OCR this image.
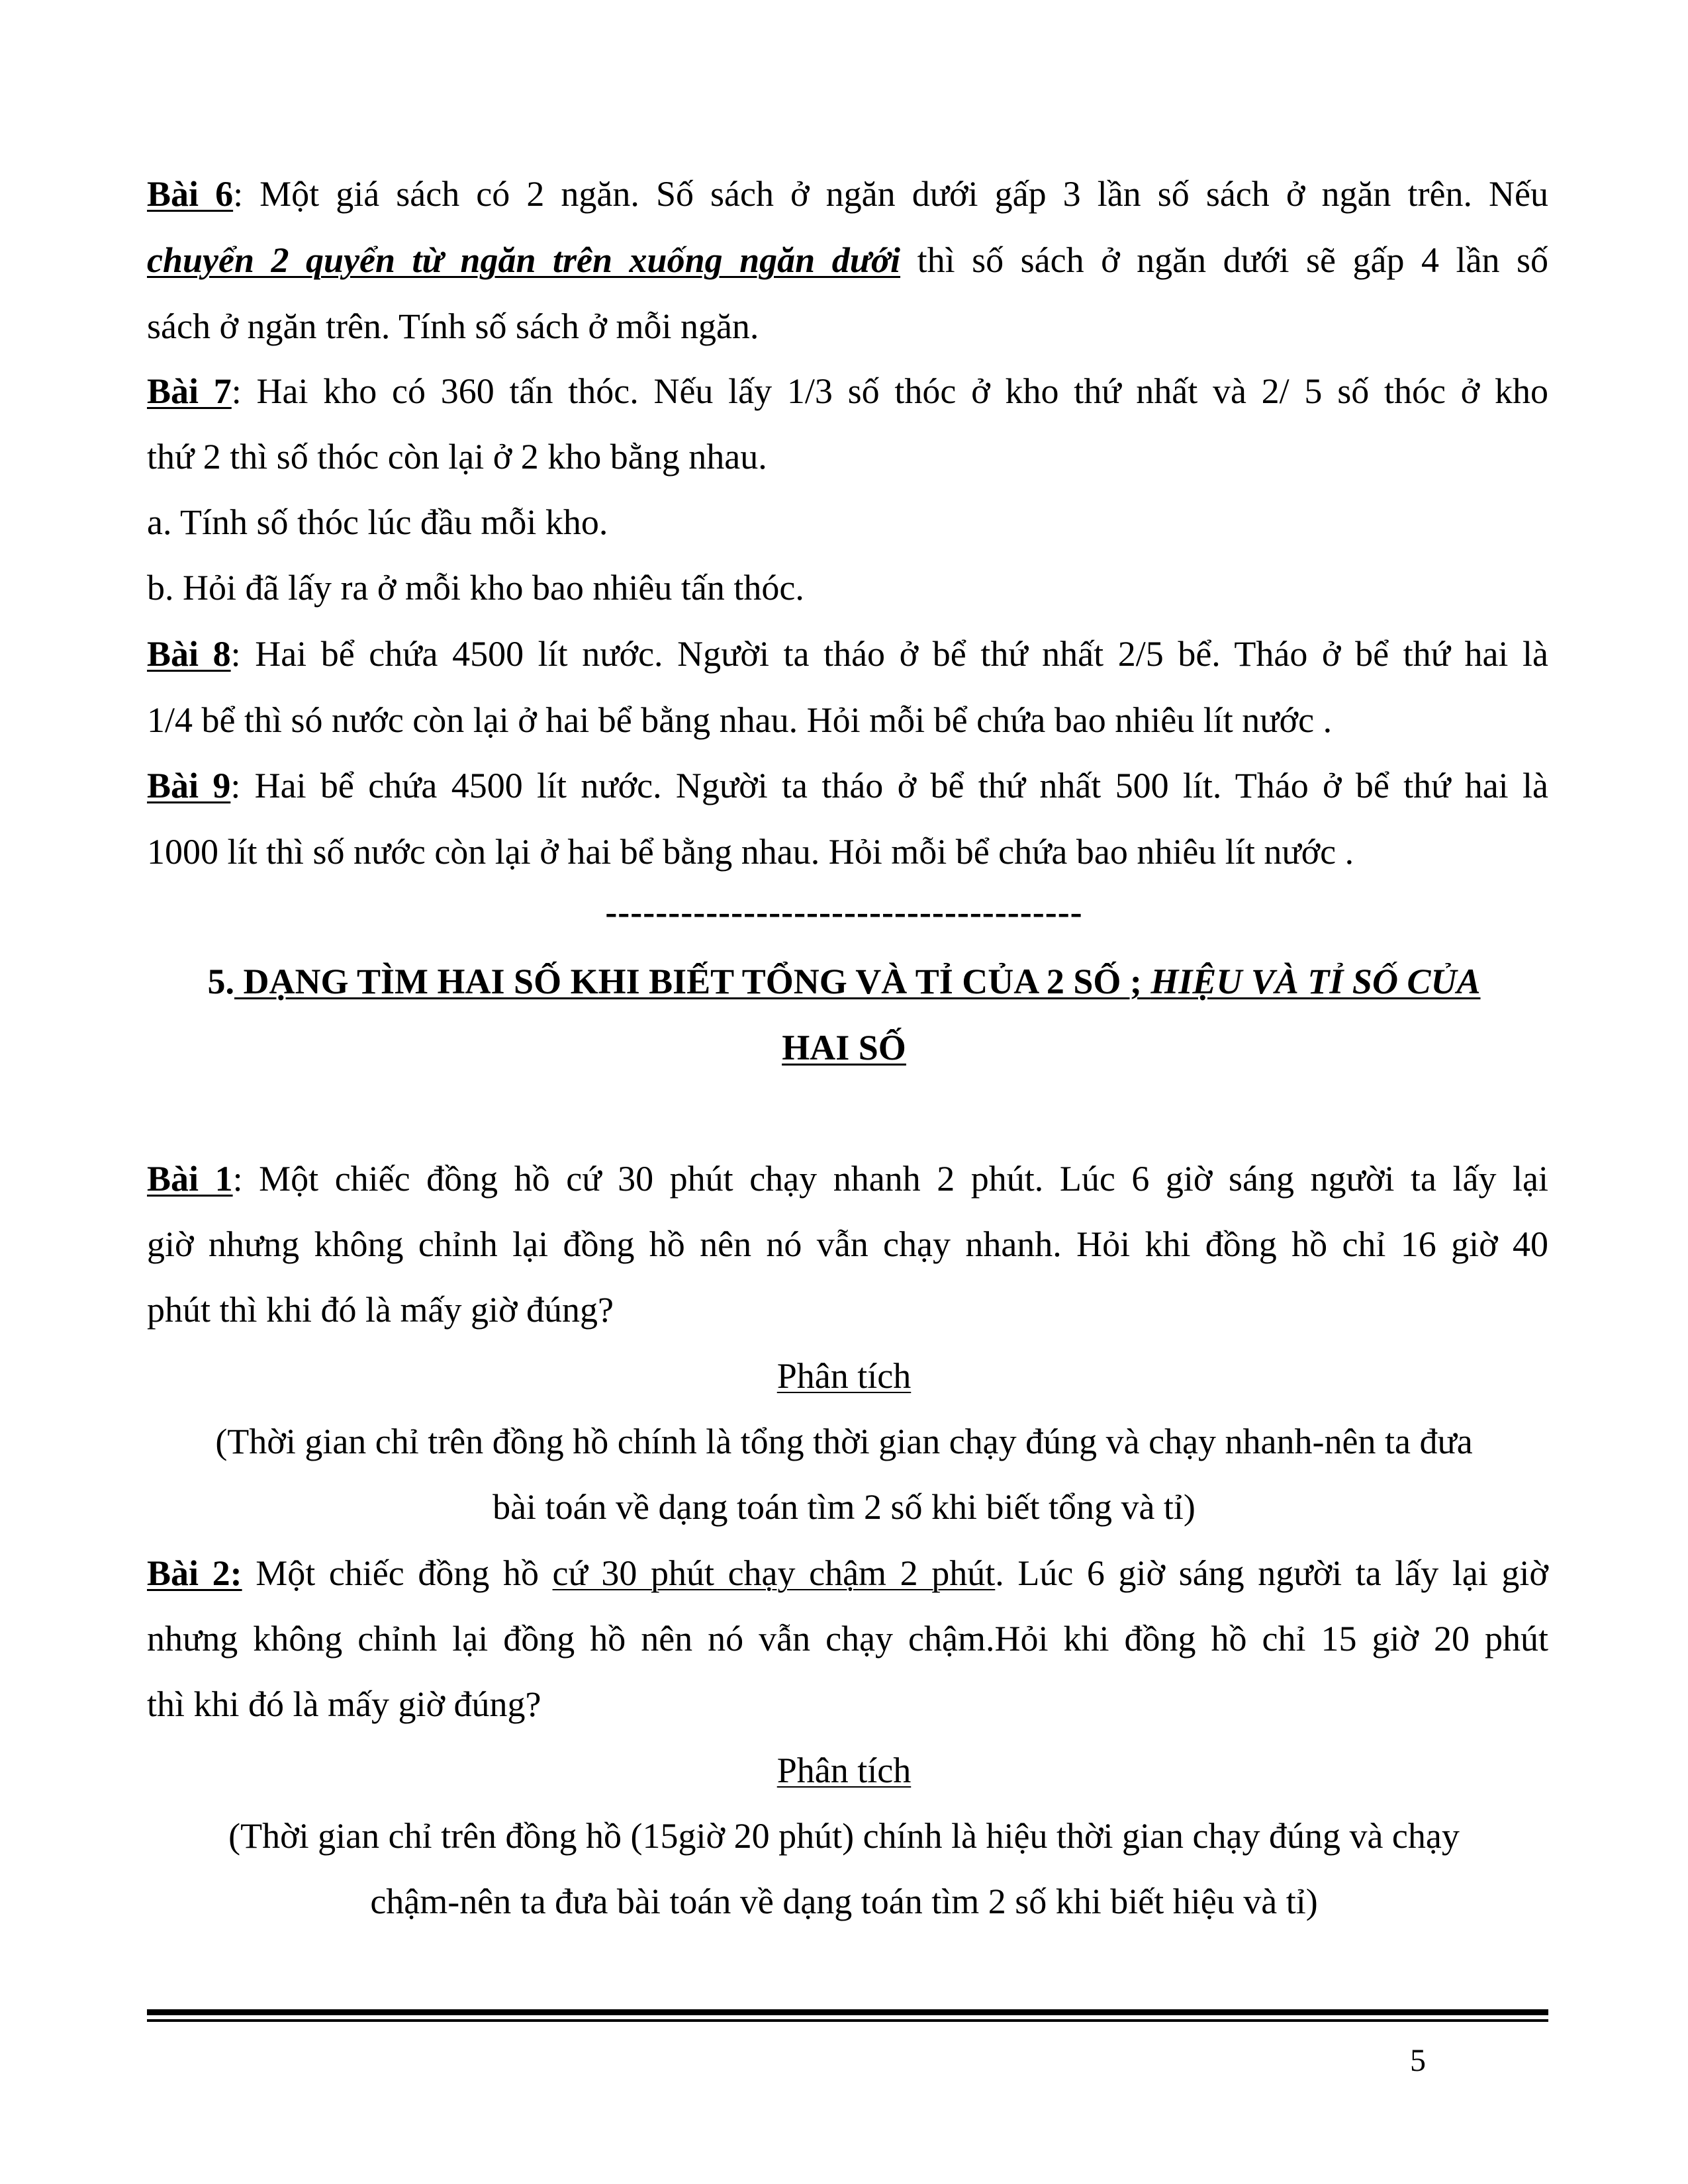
Bài 6: Một giá sách có 2 ngăn. Số sách ở ngăn dưới gấp 3 lần số sách ở ngăn trên. Nếu
chuyển 2 quyển từ ngăn trên xuống ngăn dưới thì số sách ở ngăn dưới sẽ gấp 4 lần số
sách ở ngăn trên. Tính số sách ở mỗi ngăn.
Bài 7: Hai kho có 360 tấn thóc. Nếu lấy 1/3 số thóc ở kho thứ nhất và 2/ 5 số thóc ở kho
thứ 2 thì số thóc còn lại ở 2 kho bằng nhau.
a. Tính số thóc lúc đầu mỗi kho.
b. Hỏi đã lấy ra ở mỗi kho bao nhiêu tấn thóc.
Bài 8: Hai bể chứa 4500 lít nước. Người ta tháo ở bể thứ nhất 2/5 bể. Tháo ở bể thứ hai là
1/4 bể thì só nước còn lại ở hai bể bằng nhau. Hỏi mỗi bể chứa bao nhiêu lít nước .
Bài 9: Hai bể chứa 4500 lít nước. Người ta tháo ở bể thứ nhất 500 lít. Tháo ở bể thứ hai là
1000 lít thì số nước còn lại ở hai bể bằng nhau. Hỏi mỗi bể chứa bao nhiêu lít nước .
--------------------------------------
5. DẠNG TÌM HAI SỐ KHI BIẾT TỔNG VÀ TỈ CỦA 2 SỐ ; HIỆU VÀ TỈ SỐ CỦA
HAI SỐ
Bài 1: Một chiếc đồng hồ cứ 30 phút chạy nhanh 2 phút. Lúc 6 giờ sáng người ta lấy lại
giờ nhưng không chỉnh lại đồng hồ nên nó vẫn chạy nhanh. Hỏi khi đồng hồ chỉ 16 giờ 40
phút thì khi đó là mấy giờ đúng?
Phân tích
(Thời gian chỉ trên đồng hồ chính là tổng thời gian chạy đúng và chạy nhanh-nên ta đưa
bài toán về dạng toán tìm 2 số khi biết tổng và tỉ)
Bài 2: Một chiếc đồng hồ cứ 30 phút chạy chậm 2 phút. Lúc 6 giờ sáng người ta lấy lại giờ
nhưng không chỉnh lại đồng hồ nên nó vẫn chạy chậm.Hỏi khi đồng hồ chỉ 15 giờ 20 phút
thì khi đó là mấy giờ đúng?
Phân tích
(Thời gian chỉ trên đồng hồ (15giờ 20 phút) chính là hiệu thời gian chạy đúng và chạy
chậm-nên ta đưa bài toán về dạng toán tìm 2 số khi biết hiệu và tỉ)
5
